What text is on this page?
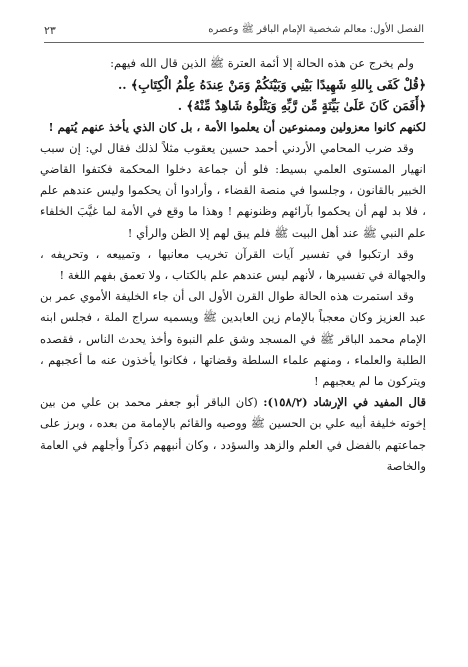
الفصل الأول: معالم شخصية الإمام الباقر ﷺ وعصره
٢٣

ولم يخرج عن هذه الحالة إلا أئمة العترة ﷺ الذين قال الله فيهم:

﴿قُلْ كَفَى بِاللهِ شَهِيدًا بَيْنِي وَبَيْنَكُمْ وَمَنْ عِندَهُ عِلْمُ الْكِتَابِ﴾ ..

﴿أَفَمَن كَانَ عَلَىٰ بَيِّنَةٍ مِّن رَّبِّهِ وَيَتْلُوهُ شَاهِدٌ مِّنْهُ﴾ .

لكنهم كانوا معزولين وممنوعين أن يعلموا الأمة ، بل كان الذي يأخذ عنهم يُتهم !

وقد ضرب المحامي الأردني أحمد حسين يعقوب مثلاً لذلك فقال لي: إن سبب انهيار المستوى العلمي بسيط: فلو أن جماعة دخلوا المحكمة فكتفوا القاضي الخبير بالقانون ، وجلسوا في منصة القضاء ، وأرادوا أن يحكموا وليس عندهم علم ، فلا بد لهم أن يحكموا بآرائهم وظنونهم ! وهذا ما وقع في الأمة لما غيَّبَ الخلفاء علم النبي ﷺ عند أهل البيت ﷺ فلم يبق لهم إلا الظن والرأي !

وقد ارتكبوا في تفسير آيات القرآن تخريب معانيها ، وتمييعه ، وتحريفه ، والجهالة في تفسيرها ، لأنهم ليس عندهم علم بالكتاب ، ولا تعمق بفهم اللغة !

وقد استمرت هذه الحالة طوال القرن الأول الى أن جاء الخليفة الأموي عمر بن عبد العزيز وكان معجباً بالإمام زين العابدين ﷺ ويسميه سراج الملة ، فجلس ابنه الإمام محمد الباقر ﷺ في المسجد وشق علم النبوة وأخذ يحدث الناس ، فقصده الطلبة والعلماء ، ومنهم علماء السلطة وقضاتها ، فكانوا يأخذون عنه ما أعجبهم ، ويتركون ما لم يعجبهم !

قال المفيد في الإرشاد (١٥٨/٢): (كان الباقر أبو جعفر محمد بن علي من بين إخوته خليفة أبيه علي بن الحسين ﷺ ووصيه والقائم بالإمامة من بعده ، وبرز على جماعتهم بالفضل في العلم والزهد والسؤدد ، وكان أنبههم ذكراً وأجلهم في العامة والخاصة
